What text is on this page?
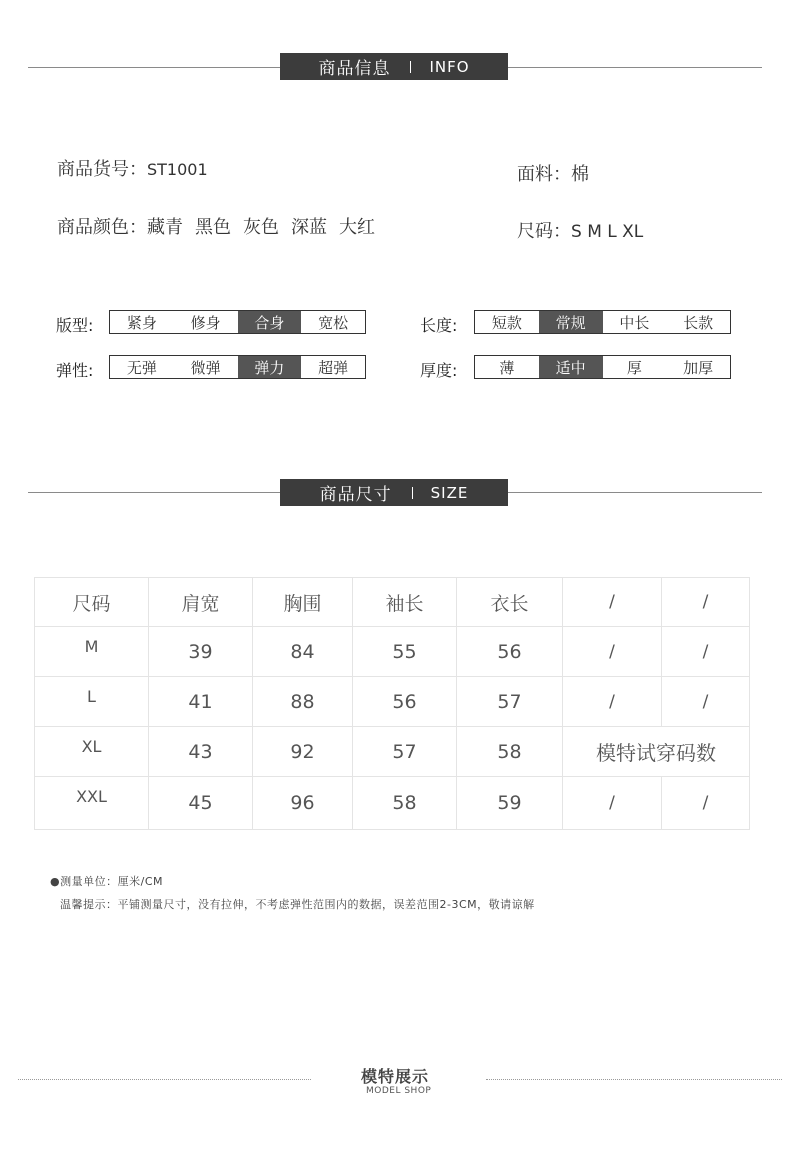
商品信息	INFO
商品货号：ST1001	面料：棉
商品颜色：藏青 黑色 灰色 深蓝 大红	尺码：S M L XL
版型:	紧身	修身	合身	宽松	长度:	短款	常规	中长	长款
弹性:	无弹	微弹	弹力	超弹	厚度:	薄	适中	厚	加厚
商品尺寸	SIZE
尺码	肩宽	胸围	袖长	衣长	/	/
M	39	84	55	56	/	/
L	41	88	56	57	/	/
XL	43	92	57	58	模特试穿码数	
XXL	45	96	58	59	/	/
●测量单位：厘米/CM
温馨提示：平铺测量尺寸，没有拉伸，不考虑弹性范围内的数据，误差范围2-3CM，敬请谅解
模特展示
MODEL SHOP
